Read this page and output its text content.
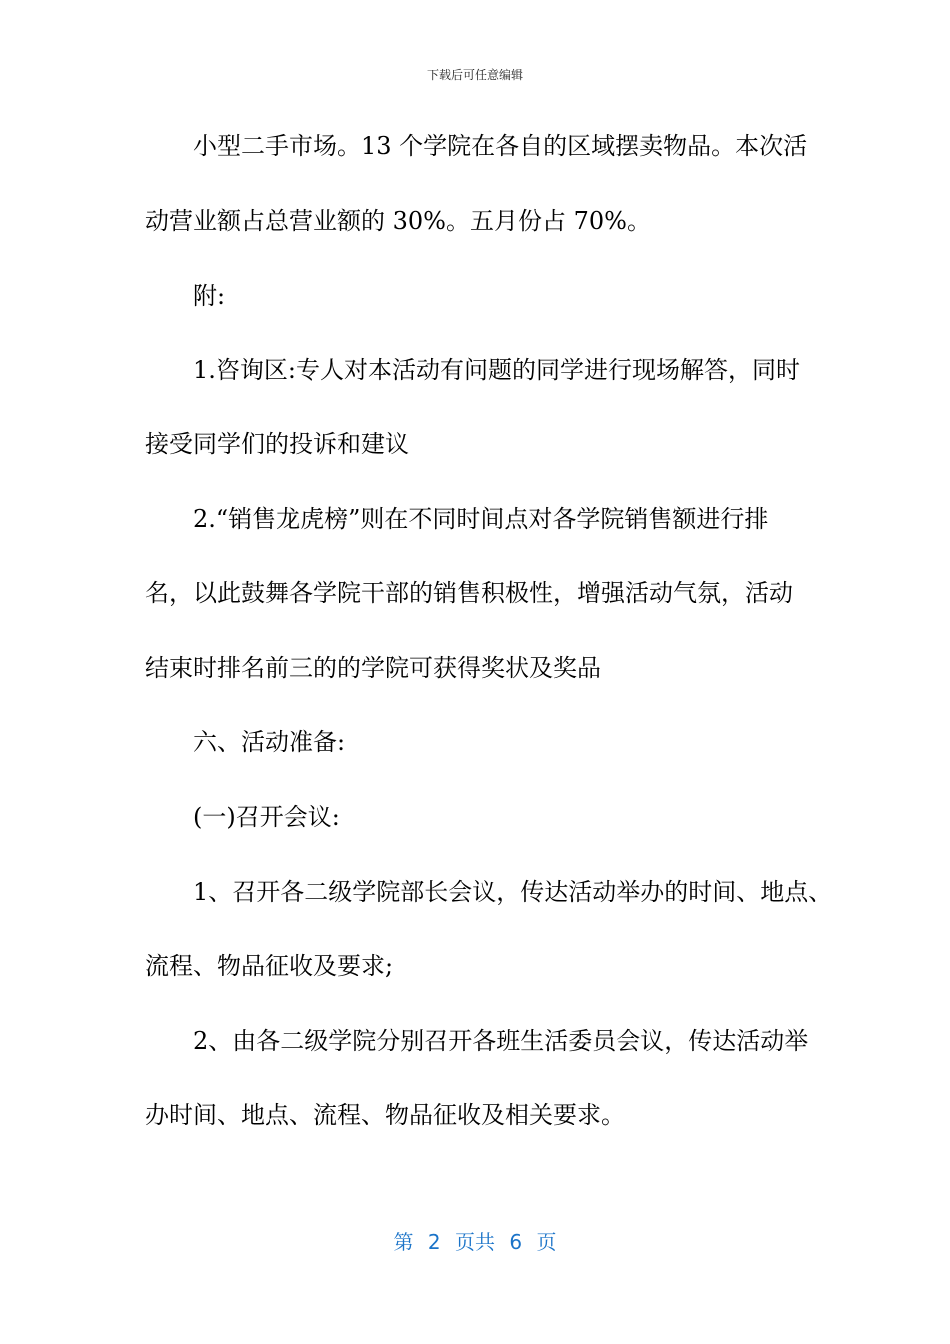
下载后可任意编辑
小型二手市场。13 个学院在各自的区域摆卖物品。本次活
动营业额占总营业额的 30%。五月份占 70%。
附:
1.咨询区:专人对本活动有问题的同学进行现场解答，同时
接受同学们的投诉和建议
2.“销售龙虎榜”则在不同时间点对各学院销售额进行排
名，以此鼓舞各学院干部的销售积极性，增强活动气氛，活动
结束时排名前三的的学院可获得奖状及奖品
六、活动准备:
(一)召开会议:
1、召开各二级学院部长会议，传达活动举办的时间、地点、
流程、物品征收及要求;
2、由各二级学院分别召开各班生活委员会议，传达活动举
办时间、地点、流程、物品征收及相关要求。
第 2 页共 6 页
